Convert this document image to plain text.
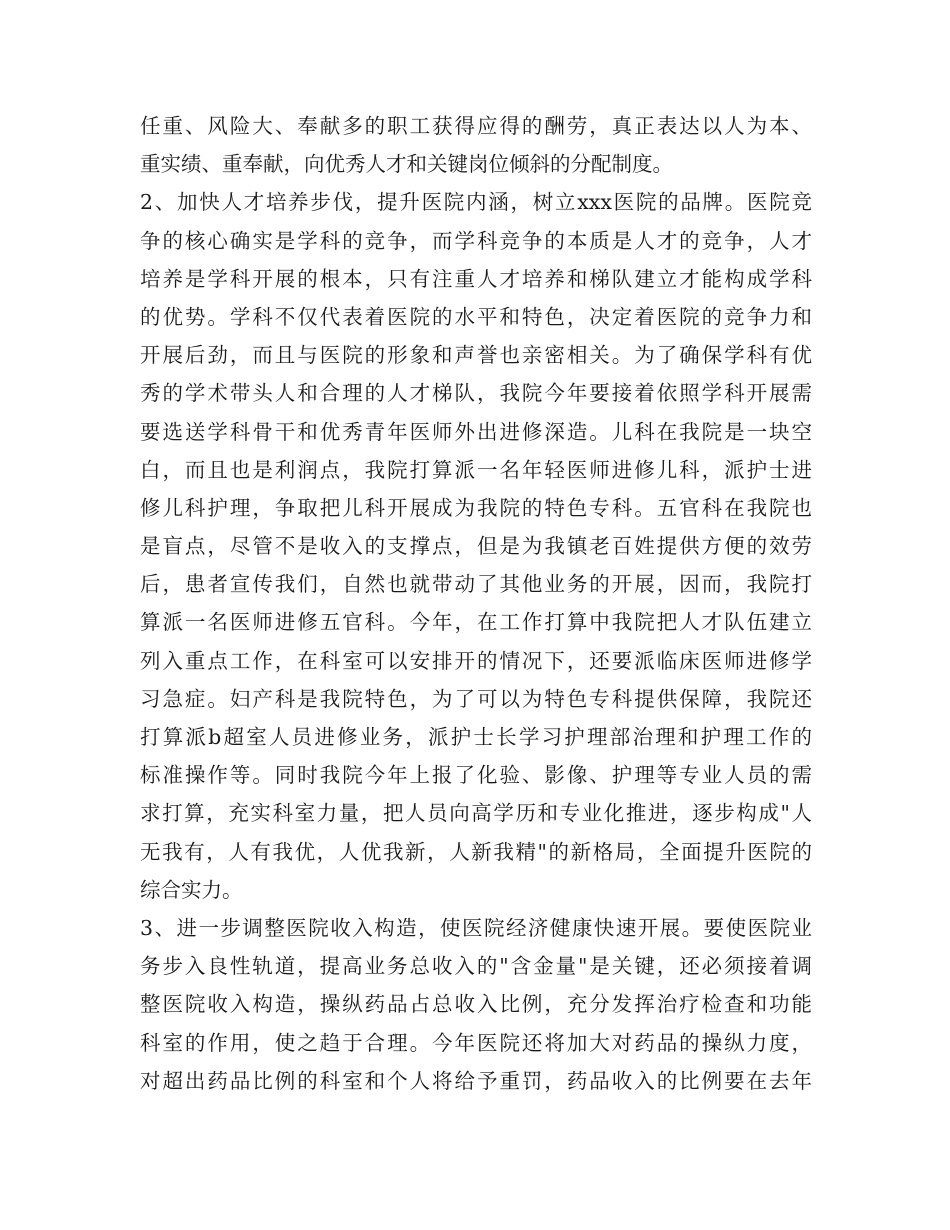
任重、风险大、奉献多的职工获得应得的酬劳，真正表达以人为本、
重实绩、重奉献，向优秀人才和关键岗位倾斜的分配制度。
2、加快人才培养步伐，提升医院内涵，树立xxx医院的品牌。医院竞
争的核心确实是学科的竞争，而学科竞争的本质是人才的竞争，人才
培养是学科开展的根本，只有注重人才培养和梯队建立才能构成学科
的优势。学科不仅代表着医院的水平和特色，决定着医院的竞争力和
开展后劲，而且与医院的形象和声誉也亲密相关。为了确保学科有优
秀的学术带头人和合理的人才梯队，我院今年要接着依照学科开展需
要选送学科骨干和优秀青年医师外出进修深造。儿科在我院是一块空
白，而且也是利润点，我院打算派一名年轻医师进修儿科，派护士进
修儿科护理，争取把儿科开展成为我院的特色专科。五官科在我院也
是盲点，尽管不是收入的支撑点，但是为我镇老百姓提供方便的效劳
后，患者宣传我们，自然也就带动了其他业务的开展，因而，我院打
算派一名医师进修五官科。今年，在工作打算中我院把人才队伍建立
列入重点工作，在科室可以安排开的情况下，还要派临床医师进修学
习急症。妇产科是我院特色，为了可以为特色专科提供保障，我院还
打算派b超室人员进修业务，派护士长学习护理部治理和护理工作的
标准操作等。同时我院今年上报了化验、影像、护理等专业人员的需
求打算，充实科室力量，把人员向高学历和专业化推进，逐步构成"人
无我有，人有我优，人优我新，人新我精"的新格局，全面提升医院的
综合实力。
3、进一步调整医院收入构造，使医院经济健康快速开展。要使医院业
务步入良性轨道，提高业务总收入的"含金量"是关键，还必须接着调
整医院收入构造，操纵药品占总收入比例，充分发挥治疗检查和功能
科室的作用，使之趋于合理。今年医院还将加大对药品的操纵力度，
对超出药品比例的科室和个人将给予重罚，药品收入的比例要在去年
